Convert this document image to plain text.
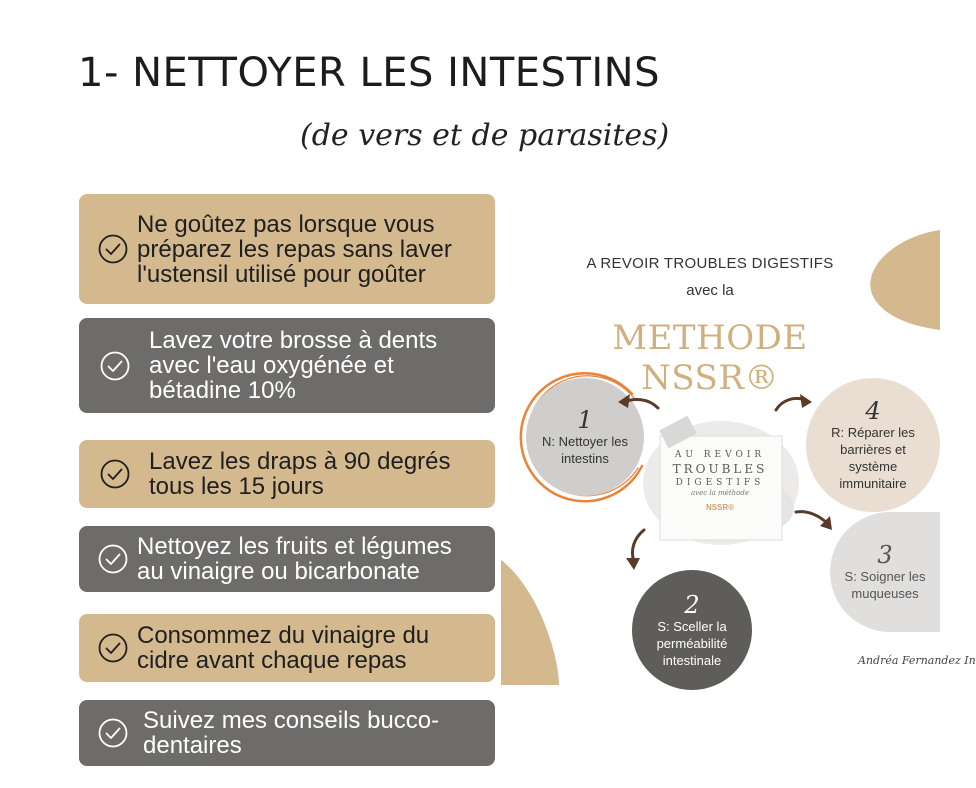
1- NETTOYER LES INTESTINS
(de vers et de parasites)
Ne goûtez pas lorsque vous
préparez les repas sans laver
l'ustensil utilisé pour goûter
Lavez votre brosse à dents
avec l'eau oxygénée et
bétadine 10%
Lavez les draps à 90 degrés
tous les 15 jours
Nettoyez les fruits et légumes
au vinaigre ou bicarbonate
Consommez du vinaigre du
cidre avant chaque repas
Suivez mes conseils bucco-
dentaires
A REVOIR TROUBLES DIGESTIFS
avec la
METHODE NSSR®
AU REVOIR
TROUBLES
DIGESTIFS
avec la méthode
NSSR®
1
N: Nettoyer les
intestins
4
R: Réparer les
barrières et
système
immunitaire
3
S: Soigner les
muqueuses
2
S: Sceller la
perméabilité
intestinale	Andréa Fernandez In
